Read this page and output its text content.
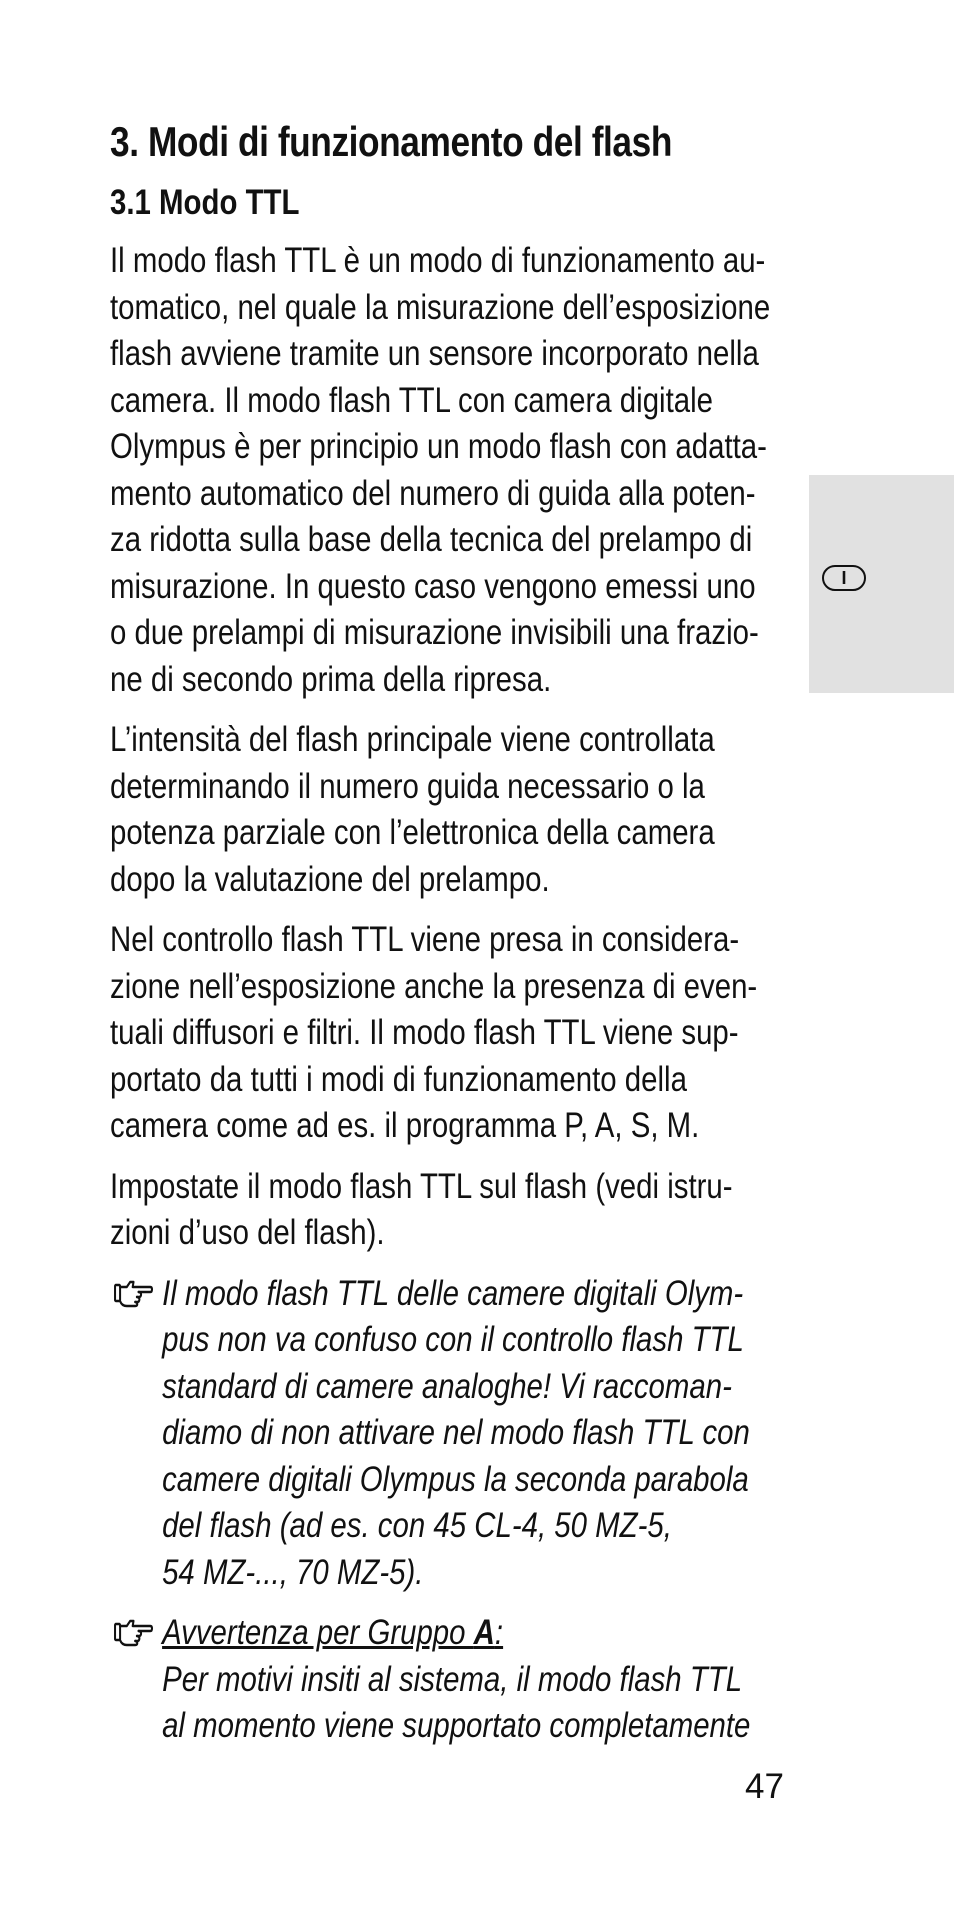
3. Modi di funzionamento del flash
3.1 Modo TTL

Il modo flash TTL è un modo di funzionamento au-
tomatico, nel quale la misurazione dell’esposizione
flash avviene tramite un sensore incorporato nella
camera. Il modo flash TTL con camera digitale
Olympus è per principio un modo flash con adatta-
mento automatico del numero di guida alla poten-
za ridotta sulla base della tecnica del prelampo di
misurazione. In questo caso vengono emessi uno
o due prelampi di misurazione invisibili una frazio-
ne di secondo prima della ripresa.

L’intensità del flash principale viene controllata
determinando il numero guida necessario o la
potenza parziale con l’elettronica della camera
dopo la valutazione del prelampo.

Nel controllo flash TTL viene presa in considera-
zione nell’esposizione anche la presenza di even-
tuali diffusori e filtri. Il modo flash TTL viene sup-
portato da tutti i modi di funzionamento della
camera come ad es. il programma P, A, S, M.

Impostate il modo flash TTL sul flash (vedi istru-
zioni d’uso del flash).

Il modo flash TTL delle camere digitali Olym-
pus non va confuso con il controllo flash TTL
standard di camere analoghe! Vi raccoman-
diamo di non attivare nel modo flash TTL con
camere digitali Olympus la seconda parabola
del flash (ad es. con 45 CL-4, 50 MZ-5,
54 MZ-..., 70 MZ-5).
Avvertenza per Gruppo A:
Per motivi insiti al sistema, il modo flash TTL
al momento viene supportato completamente
I
47
